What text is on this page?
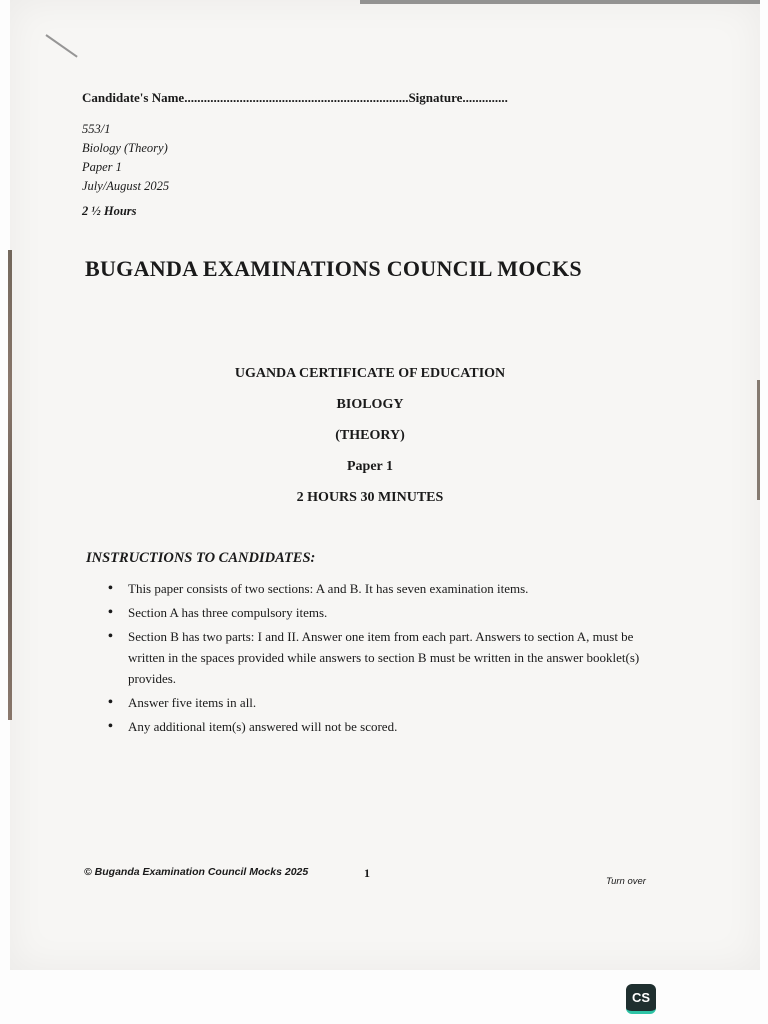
Candidate's Name.....................................................................Signature..............
553/1
Biology (Theory)
Paper 1
July/August 2025
2 ½ Hours
BUGANDA EXAMINATIONS COUNCIL MOCKS
UGANDA CERTIFICATE OF EDUCATION
BIOLOGY
(THEORY)
Paper 1
2 HOURS 30 MINUTES
INSTRUCTIONS TO CANDIDATES:
• This paper consists of two sections: A and B. It has seven examination items.
• Section A has three compulsory items.
• Section B has two parts: I and II. Answer one item from each part. Answers to section A, must be written in the spaces provided while answers to section B must be written in the answer booklet(s) provides.
• Answer five items in all.
• Any additional item(s) answered will not be scored.
© Buganda Examination Council Mocks 2025	1
Turn over
CS
